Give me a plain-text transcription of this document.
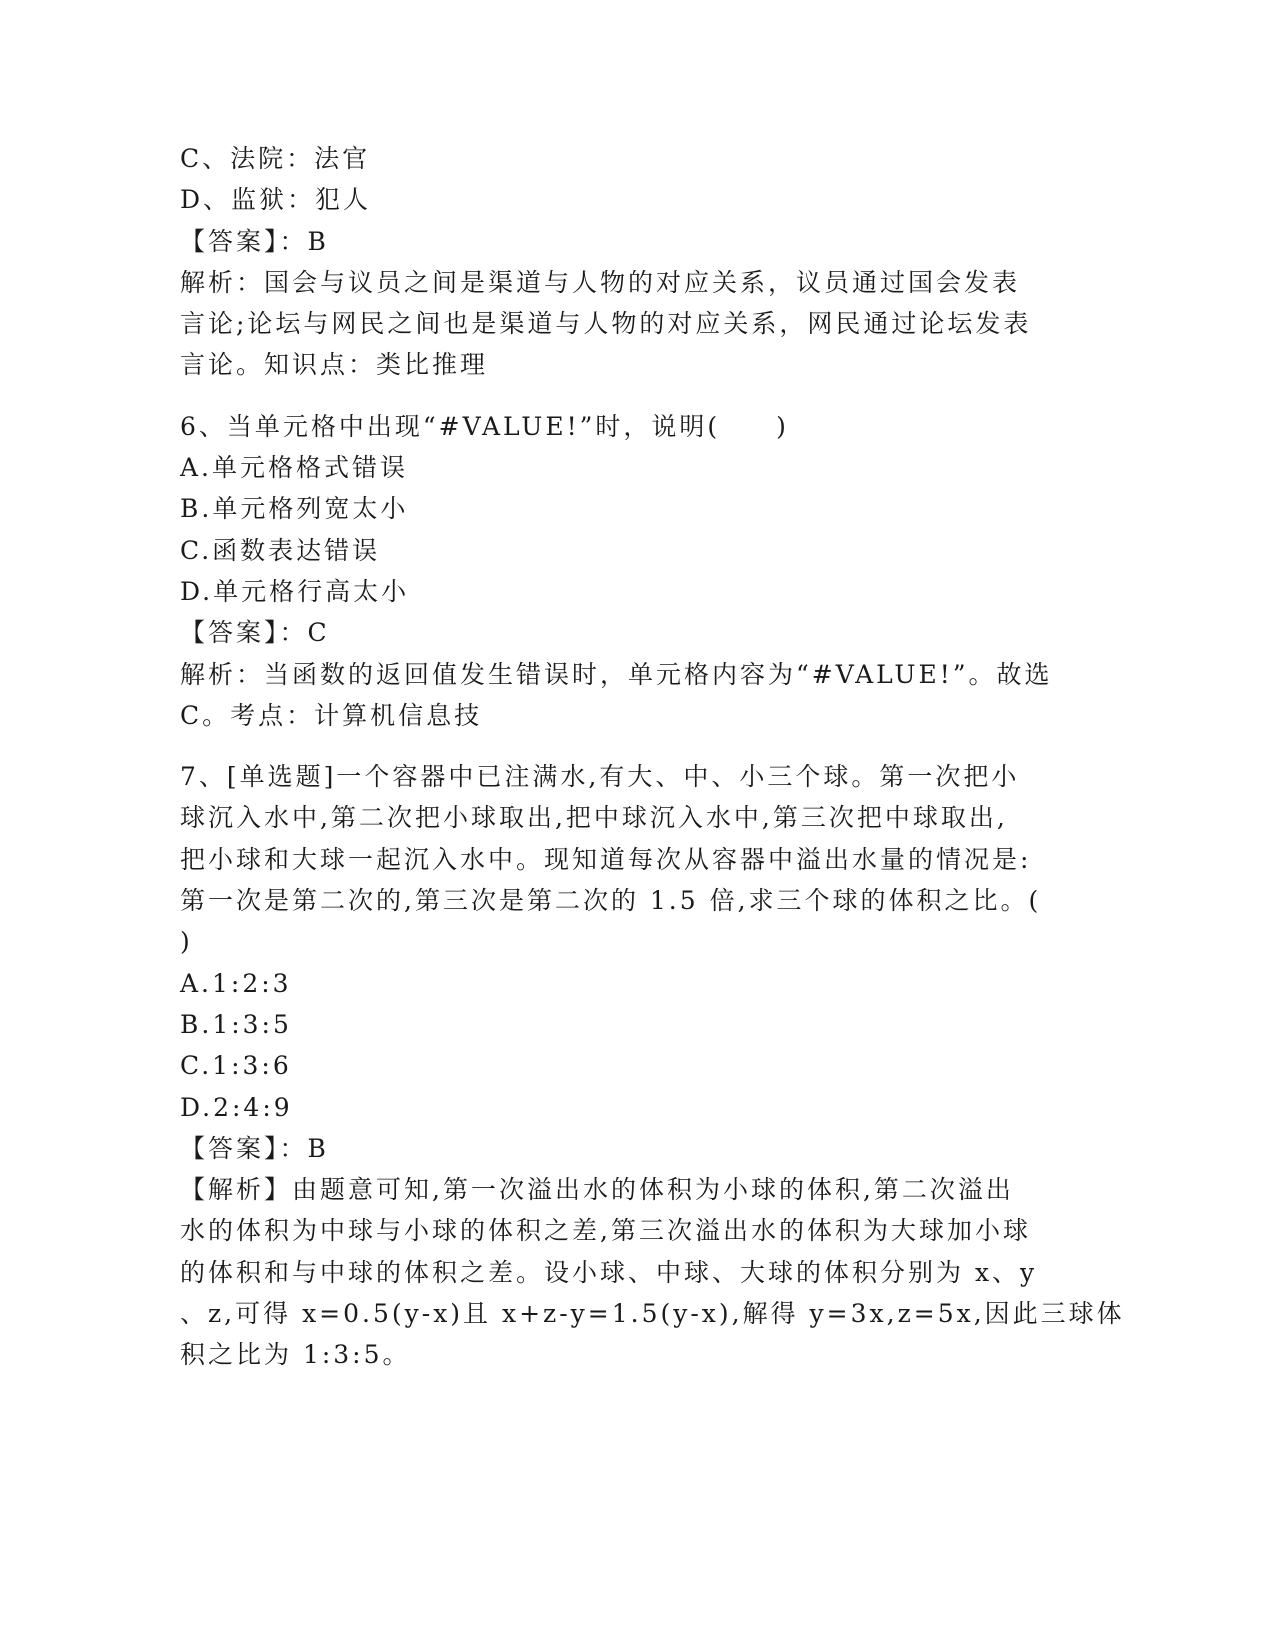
C、法院：法官
D、监狱：犯人
【答案】：B
解析：国会与议员之间是渠道与人物的对应关系，议员通过国会发表
言论;论坛与网民之间也是渠道与人物的对应关系，网民通过论坛发表
言论。知识点：类比推理
6、当单元格中出现“#VALUE!”时，说明(　　)
A.单元格格式错误
B.单元格列宽太小
C.函数表达错误
D.单元格行高太小
【答案】：C
解析：当函数的返回值发生错误时，单元格内容为“#VALUE!”。故选
C。考点：计算机信息技
7、[单选题]一个容器中已注满水,有大、中、小三个球。第一次把小
球沉入水中,第二次把小球取出,把中球沉入水中,第三次把中球取出,
把小球和大球一起沉入水中。现知道每次从容器中溢出水量的情况是:
第一次是第二次的,第三次是第二次的 1.5 倍,求三个球的体积之比。(
)
A.1:2:3
B.1:3:5
C.1:3:6
D.2:4:9
【答案】：B
【解析】由题意可知,第一次溢出水的体积为小球的体积,第二次溢出
水的体积为中球与小球的体积之差,第三次溢出水的体积为大球加小球
的体积和与中球的体积之差。设小球、中球、大球的体积分别为 x、y
、z,可得 x=0.5(y-x)且 x+z-y=1.5(y-x),解得 y=3x,z=5x,因此三球体
积之比为 1:3:5。
